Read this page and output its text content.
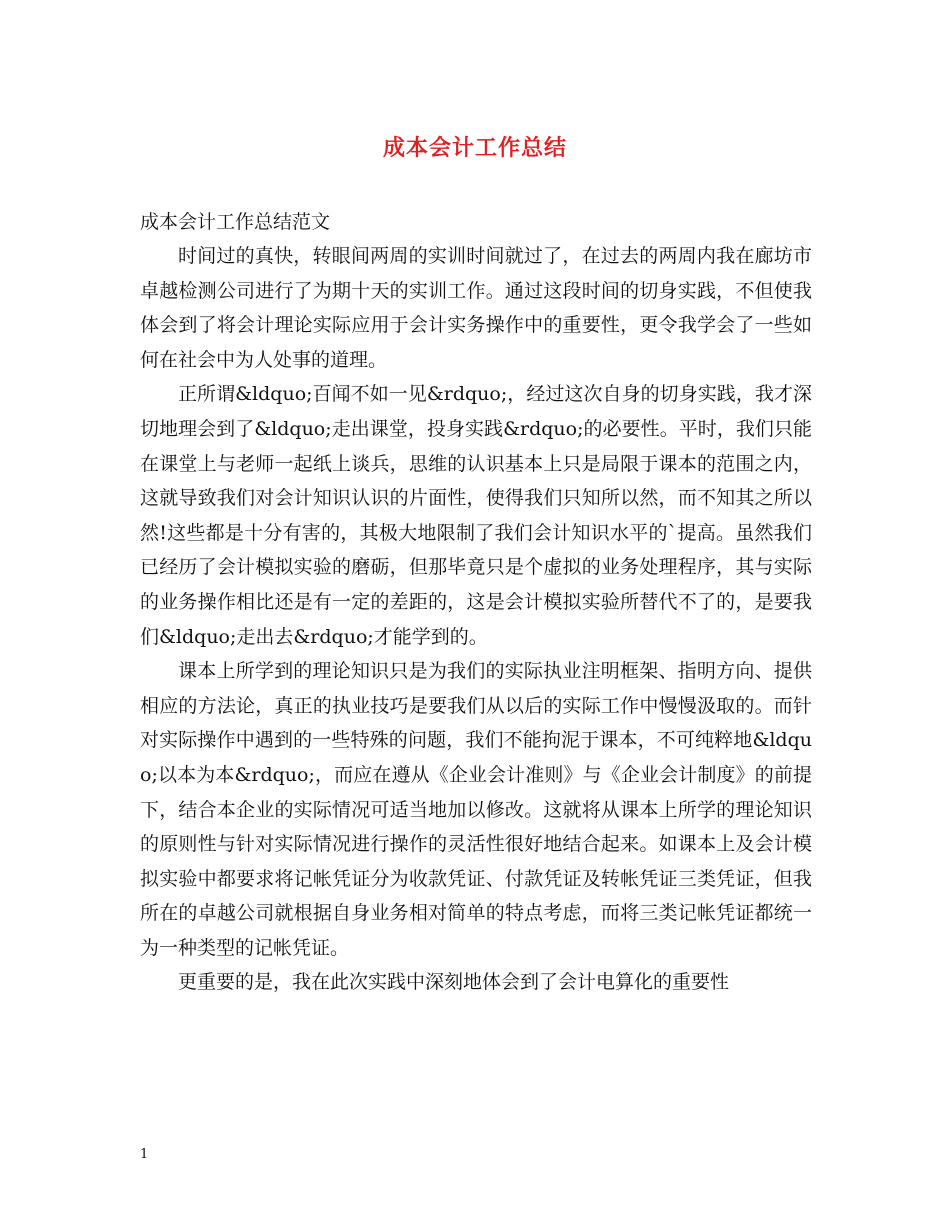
成本会计工作总结

成本会计工作总结范文

时间过的真快，转眼间两周的实训时间就过了，在过去的两周内我在廊坊市卓越检测公司进行了为期十天的实训工作。通过这段时间的切身实践，不但使我体会到了将会计理论实际应用于会计实务操作中的重要性，更令我学会了一些如何在社会中为人处事的道理。

正所谓&ldquo;百闻不如一见&rdquo;，经过这次自身的切身实践，我才深切地理会到了&ldquo;走出课堂，投身实践&rdquo;的必要性。平时，我们只能在课堂上与老师一起纸上谈兵，思维的认识基本上只是局限于课本的范围之内，这就导致我们对会计知识认识的片面性，使得我们只知所以然，而不知其之所以然!这些都是十分有害的，其极大地限制了我们会计知识水平的`提高。虽然我们已经历了会计模拟实验的磨砺，但那毕竟只是个虚拟的业务处理程序，其与实际的业务操作相比还是有一定的差距的，这是会计模拟实验所替代不了的，是要我们&ldquo;走出去&rdquo;才能学到的。

课本上所学到的理论知识只是为我们的实际执业注明框架、指明方向、提供相应的方法论，真正的执业技巧是要我们从以后的实际工作中慢慢汲取的。而针对实际操作中遇到的一些特殊的问题，我们不能拘泥于课本，不可纯粹地&ldquo;以本为本&rdquo;，而应在遵从《企业会计准则》与《企业会计制度》的前提下，结合本企业的实际情况可适当地加以修改。这就将从课本上所学的理论知识的原则性与针对实际情况进行操作的灵活性很好地结合起来。如课本上及会计模拟实验中都要求将记帐凭证分为收款凭证、付款凭证及转帐凭证三类凭证，但我所在的卓越公司就根据自身业务相对简单的特点考虑，而将三类记帐凭证都统一为一种类型的记帐凭证。

更重要的是，我在此次实践中深刻地体会到了会计电算化的重要性

1
